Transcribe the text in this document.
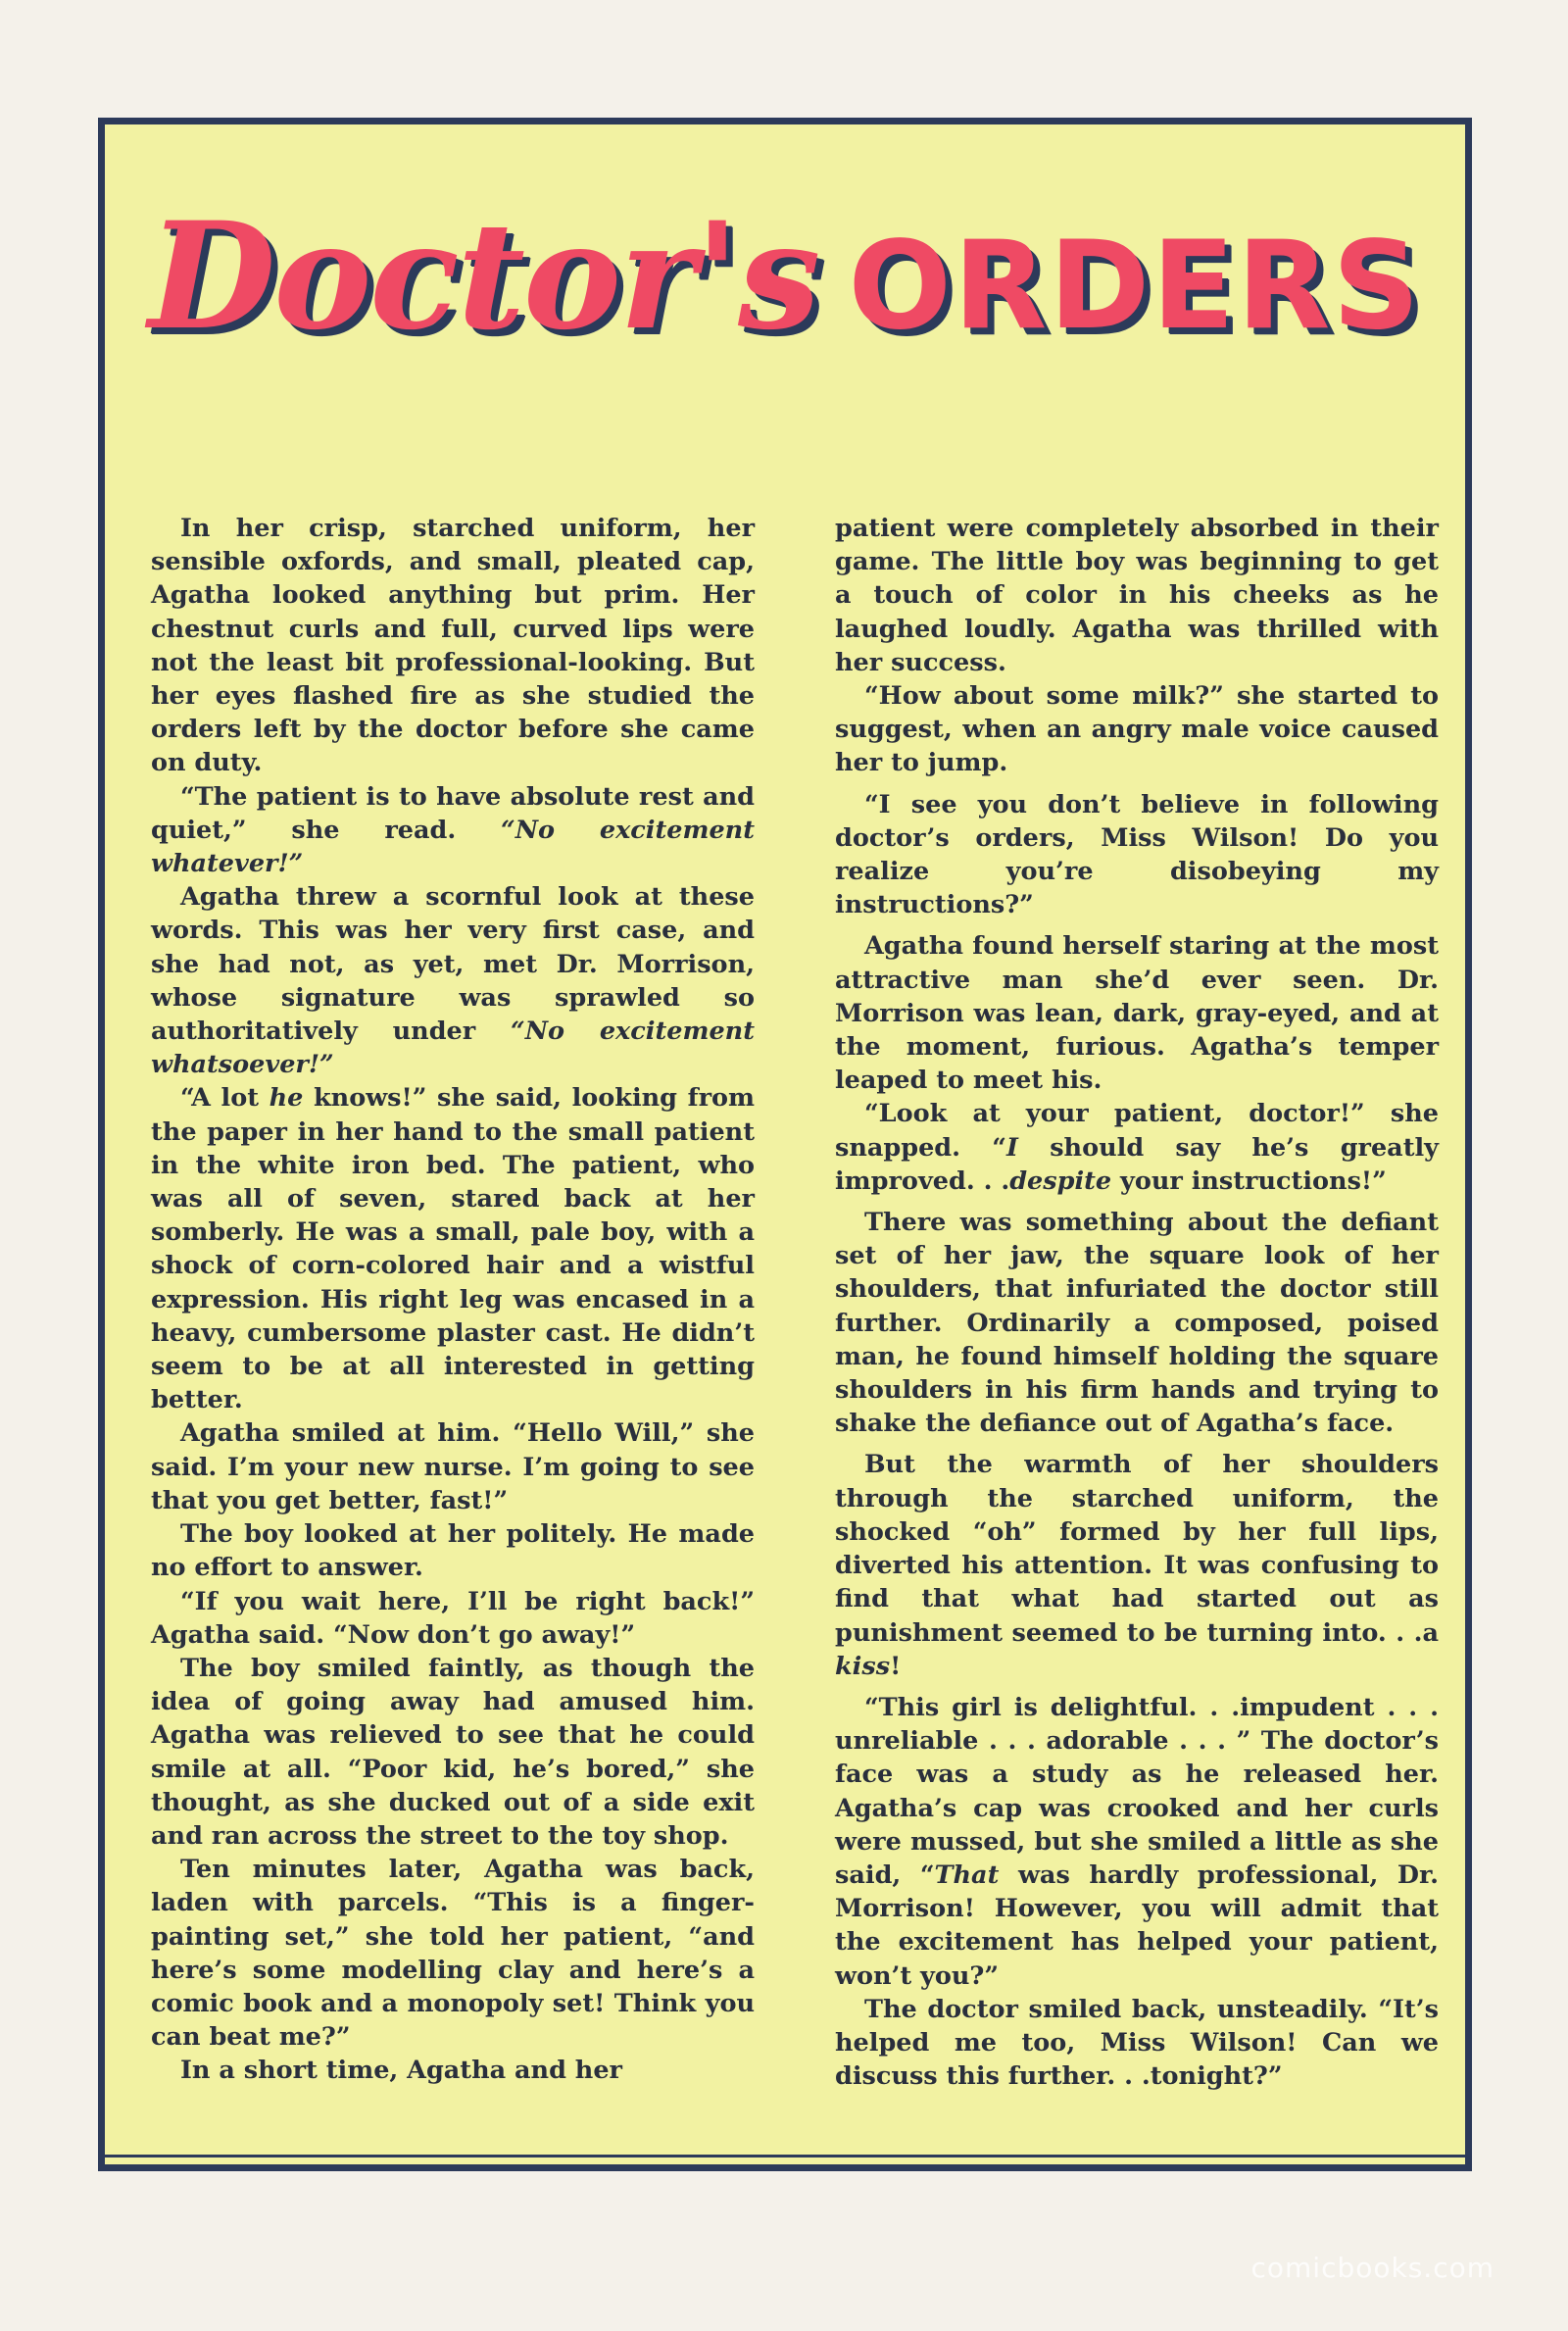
Doctor's ORDERS

In her crisp, starched uniform, her sensible oxfords, and small, pleated cap, Agatha looked anything but prim. Her chestnut curls and full, curved lips were not the least bit professional-looking. But her eyes flashed fire as she studied the orders left by the doctor before she came on duty.

“The patient is to have absolute rest and quiet,” she read. “No excitement whatever!”

Agatha threw a scornful look at these words. This was her very first case, and she had not, as yet, met Dr. Morrison, whose signature was sprawled so authoritatively under “No excitement whatsoever!”

“A lot he knows!” she said, looking from the paper in her hand to the small patient in the white iron bed. The patient, who was all of seven, stared back at her somberly. He was a small, pale boy, with a shock of corn-colored hair and a wistful expression. His right leg was encased in a heavy, cumbersome plaster cast. He didn’t seem to be at all interested in getting better.

Agatha smiled at him. “Hello Will,” she said. I’m your new nurse. I’m going to see that you get better, fast!”

The boy looked at her politely. He made no effort to answer.

“If you wait here, I’ll be right back!” Agatha said. “Now don’t go away!”

The boy smiled faintly, as though the idea of going away had amused him. Agatha was relieved to see that he could smile at all. “Poor kid, he’s bored,” she thought, as she ducked out of a side exit and ran across the street to the toy shop.

Ten minutes later, Agatha was back, laden with parcels. “This is a finger-painting set,” she told her patient, “and here’s some modelling clay and here’s a comic book and a monopoly set! Think you can beat me?”

In a short time, Agatha and her

patient were completely absorbed in their game. The little boy was beginning to get a touch of color in his cheeks as he laughed loudly. Agatha was thrilled with her success.

“How about some milk?” she started to suggest, when an angry male voice caused her to jump.

“I see you don’t believe in following doctor’s orders, Miss Wilson! Do you realize you’re disobeying my instructions?”

Agatha found herself staring at the most attractive man she’d ever seen. Dr. Morrison was lean, dark, gray-eyed, and at the moment, furious. Agatha’s temper leaped to meet his.

“Look at your patient, doctor!” she snapped. “I should say he’s greatly improved. . .despite your instructions!”

There was something about the defiant set of her jaw, the square look of her shoulders, that infuriated the doctor still further. Ordinarily a composed, poised man, he found himself holding the square shoulders in his firm hands and trying to shake the defiance out of Agatha’s face.

But the warmth of her shoulders through the starched uniform, the shocked “oh” formed by her full lips, diverted his attention. It was confusing to find that what had started out as punishment seemed to be turning into. . .a kiss!

“This girl is delightful. . .impudent . . . unreliable . . . adorable . . . ” The doctor’s face was a study as he released her. Agatha’s cap was crooked and her curls were mussed, but she smiled a little as she said, “That was hardly professional, Dr. Morrison! However, you will admit that the excitement has helped your patient, won’t you?”

The doctor smiled back, unsteadily. “It’s helped me too, Miss Wilson! Can we discuss this further. . .tonight?”

comicbooks.com
